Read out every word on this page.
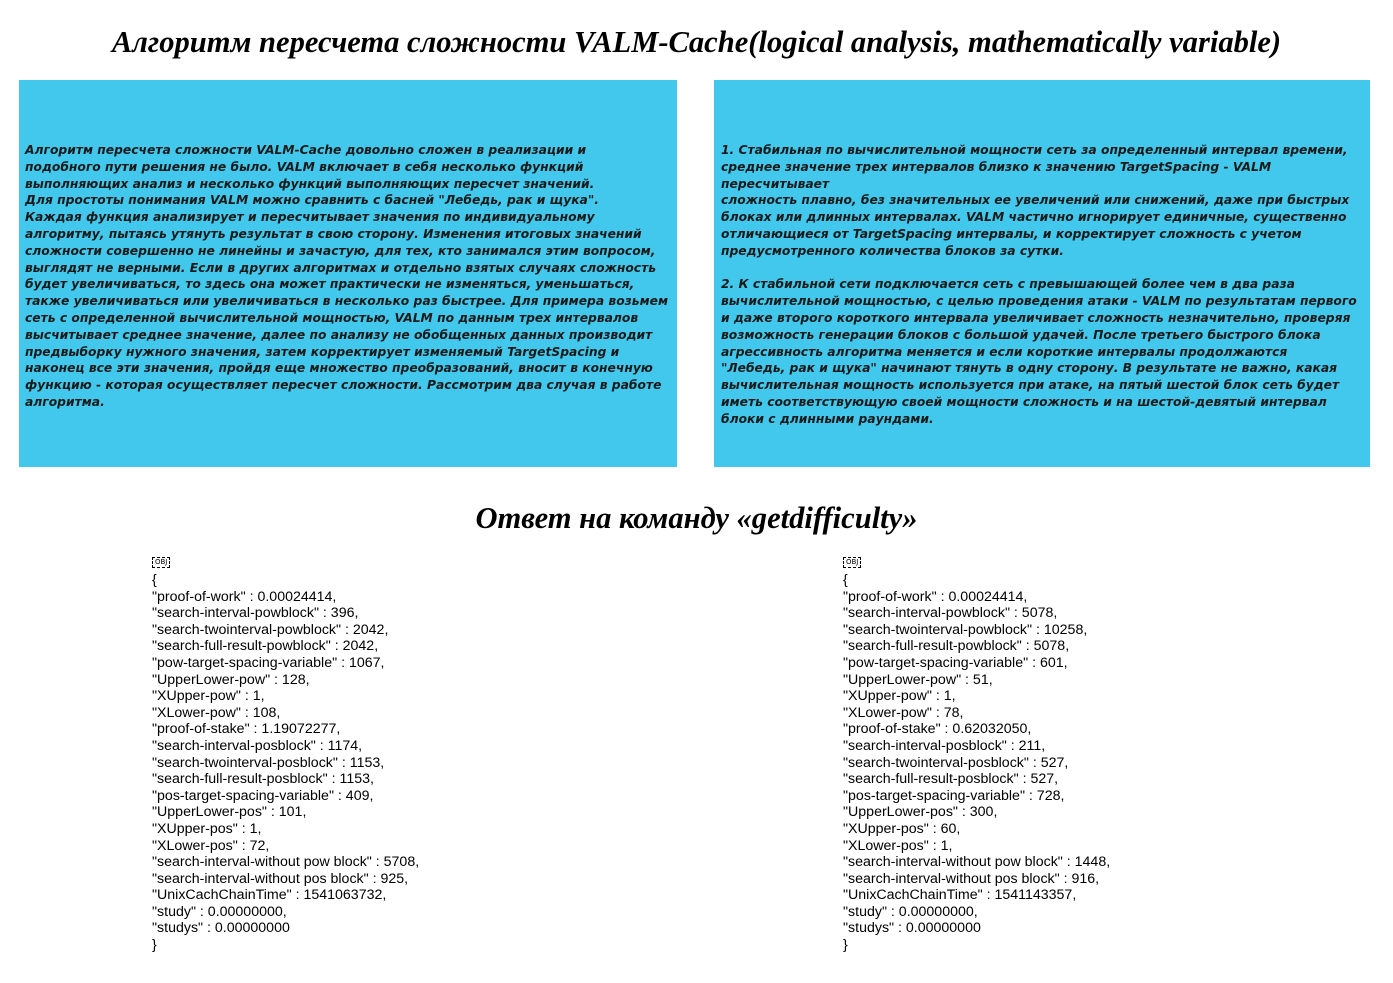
Алгоритм пересчета сложности VALM-Cache(logical analysis, mathematically variable)

Алгоритм пересчета сложности VALM-Cache довольно сложен в реализации и
подобного пути решения не было. VALM включает в себя несколько функций
выполняющих анализ и несколько функций выполняющих пересчет значений.
Для простоты понимания VALM можно сравнить с басней "Лебедь, рак и щука".
Каждая функция анализирует и пересчитывает значения по индивидуальному
алгоритму, пытаясь утянуть результат в свою сторону. Изменения итоговых значений
сложности совершенно не линейны и зачастую, для тех, кто занимался этим вопросом,
выглядят не верными. Если в других алгоритмах и отдельно взятых случаях сложность
будет увеличиваться, то здесь она может практически не изменяться, уменьшаться,
также увеличиваться или увеличиваться в несколько раз быстрее. Для примера возьмем
сеть с определенной вычислительной мощностью, VALM по данным трех интервалов
высчитывает среднее значение, далее по анализу не обобщенных данных производит
предвыборку нужного значения, затем корректирует изменяемый TargetSpacing и
наконец все эти значения, пройдя еще множество преобразований, вносит в конечную
функцию - которая осуществляет пересчет сложности. Рассмотрим два случая в работе
алгоритма.

1. Стабильная по вычислительной мощности сеть за определенный интервал времени,
среднее значение трех интервалов близко к значению TargetSpacing - VALM пересчитывает
сложность плавно, без значительных ее увеличений или снижений, даже при быстрых
блоках или длинных интервалах. VALM частично игнорирует единичные, существенно
отличающиеся от TargetSpacing интервалы, и корректирует сложность с учетом
предусмотренного количества блоков за сутки.

2. К стабильной сети подключается сеть с превышающей более чем в два раза
вычислительной мощностью, с целью проведения атаки - VALM по результатам первого
и даже второго короткого интервала увеличивает сложность незначительно, проверяя
возможность генерации блоков с большой удачей. После третьего быстрого блока
агрессивность алгоритма меняется и если короткие интервалы продолжаются
"Лебедь, рак и щука" начинают тянуть в одну сторону. В результате не важно, какая
вычислительная мощность используется при атаке, на пятый шестой блок сеть будет
иметь соответствующую своей мощности сложность и на шестой-девятый интервал
блоки с длинными раундами.

Ответ на команду «getdifficulty»
OBJ
{
"proof-of-work" : 0.00024414,
"search-interval-powblock" : 396,
"search-twointerval-powblock" : 2042,
"search-full-result-powblock" : 2042,
"pow-target-spacing-variable" : 1067,
"UpperLower-pow" : 128,
"XUpper-pow" : 1,
"XLower-pow" : 108,
"proof-of-stake" : 1.19072277,
"search-interval-posblock" : 1174,
"search-twointerval-posblock" : 1153,
"search-full-result-posblock" : 1153,
"pos-target-spacing-variable" : 409,
"UpperLower-pos" : 101,
"XUpper-pos" : 1,
"XLower-pos" : 72,
"search-interval-without pow block" : 5708,
"search-interval-without pos block" : 925,
"UnixCachChainTime" : 1541063732,
"study" : 0.00000000,
"studys" : 0.00000000
}
OBJ
{
"proof-of-work" : 0.00024414,
"search-interval-powblock" : 5078,
"search-twointerval-powblock" : 10258,
"search-full-result-powblock" : 5078,
"pow-target-spacing-variable" : 601,
"UpperLower-pow" : 51,
"XUpper-pow" : 1,
"XLower-pow" : 78,
"proof-of-stake" : 0.62032050,
"search-interval-posblock" : 211,
"search-twointerval-posblock" : 527,
"search-full-result-posblock" : 527,
"pos-target-spacing-variable" : 728,
"UpperLower-pos" : 300,
"XUpper-pos" : 60,
"XLower-pos" : 1,
"search-interval-without pow block" : 1448,
"search-interval-without pos block" : 916,
"UnixCachChainTime" : 1541143357,
"study" : 0.00000000,
"studys" : 0.00000000
}
